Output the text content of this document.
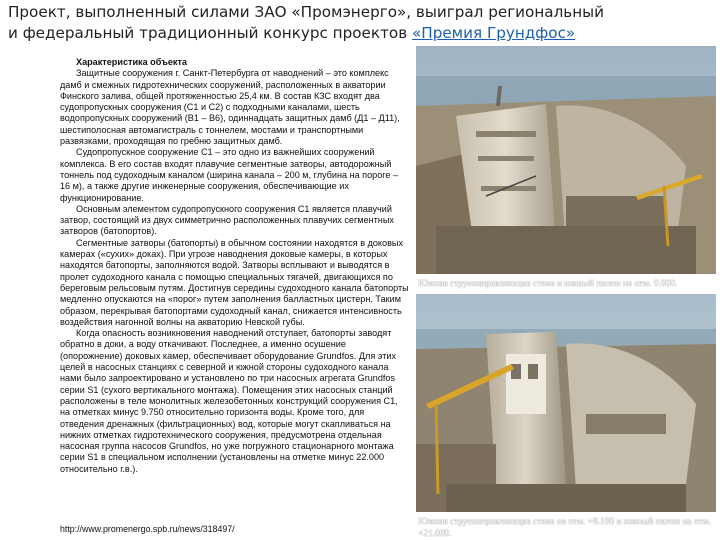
Проект, выполненный силами ЗАО «Промэнерго», выиграл региональный и федеральный традиционный конкурс проектов «Премия Грундфос»
Характеристика объекта

Защитные сооружения г. Санкт-Петербурга от наводнений – это комплекс дамб и смежных гидротехнических сооружений, расположенных в акватории Финского залива, общей протяженностью 25,4 км. В состав КЗС входят два судопропускных сооружения (С1 и С2) с подходными каналами, шесть водопропускных сооружений (В1 – В6), одиннадцать защитных дамб (Д1 – Д11), шестиполосная автомагистраль с тоннелем, мостами и транспортными развязками, проходящая по гребню защитных дамб.

Судопропускное сооружение С1 – это одно из важнейших сооружений комплекса. В его состав входят плавучие сегментные затворы, автодорожный тоннель под судоходным каналом (ширина канала – 200 м, глубина на пороге – 16 м), а также другие инженерные сооружения, обеспечивающие их функционирование.

Основным элементом судопропускного сооружения С1 является плавучий затвор, состоящий из двух симметрично расположенных плавучих сегментных затворов (батопортов).

Сегментные затворы (батопорты) в обычном состоянии находятся в доковых камерах («сухих» доках). При угрозе наводнения доковые камеры, в которых находятся батопорты, заполняются водой. Затворы всплывают и выводятся в пролет судоходного канала с помощью специальных тягачей, двигающихся по береговым рельсовым путям. Достигнув середины судоходного канала батопорты медленно опускаются на «порог» путем заполнения балластных цистерн. Таким образом, перекрывая батопортами судоходный канал, снижается интенсивность воздействия нагонной волны на акваторию Невской губы.

Когда опасность возникновения наводнений отступает, батопорты заводят обратно в доки, а воду откачивают. Последнее, а именно осушение (опорожнение) доковых камер, обеспечивает оборудование Grundfos. Для этих целей в насосных станциях с северной и южной стороны судоходного канала нами было запроектировано и установлено по три насосных агрегата Grundfos серии S1 (сухого вертикального монтажа). Помещения этих насосных станций расположены в теле монолитных железобетонных конструкций сооружения С1, на отметках минус 9.750 относительно горизонта воды. Кроме того, для отведения дренажных (фильтрационных) вод, которые могут скапливаться на нижних отметках гидротехнического сооружения, предусмотрена отдельная насосная группа насосов Grundfos, но уже погружного стационарного монтажа серии S1 в специальном исполнении (установлены на отметке минус 22.000 относительно г.в.).

http://www.promenergo.spb.ru/news/318497/
Южная струенаправляющая стена и южный пилон на отм. 0.000.
Южная струенаправляющая стена на отм. +8.100 и южный пилон на отм. +21.000.
